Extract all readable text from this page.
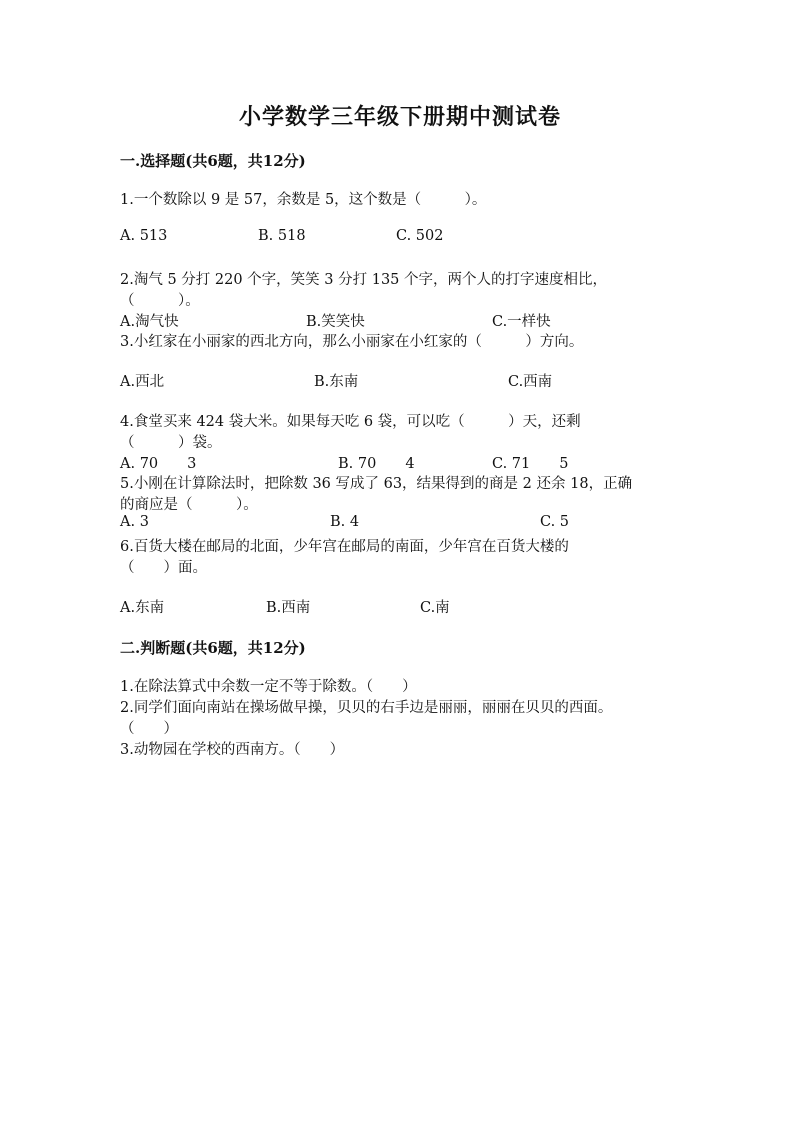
小学数学三年级下册期中测试卷
一.选择题(共6题，共12分)
1.一个数除以 9 是 57，余数是 5，这个数是（　　　）。
A. 513	B. 518	C. 502
2.淘气 5 分打 220 个字，笑笑 3 分打 135 个字，两个人的打字速度相比，
（　　　）。
A.淘气快	B.笑笑快	C.一样快
3.小红家在小丽家的西北方向，那么小丽家在小红家的（　　　）方向。
A.西北	B.东南	C.西南
4.食堂买来 424 袋大米。如果每天吃 6 袋，可以吃（　　　）天，还剩
（　　　）袋。
A. 70　　3	B. 70　　4	C. 71　　5
5.小刚在计算除法时，把除数 36 写成了 63，结果得到的商是 2 还余 18，正确
的商应是（　　　）。
A. 3	B. 4	C. 5
6.百货大楼在邮局的北面，少年宫在邮局的南面，少年宫在百货大楼的
（　　）面。
A.东南	B.西南	C.南
二.判断题(共6题，共12分)
1.在除法算式中余数一定不等于除数。（　　）
2.同学们面向南站在操场做早操，贝贝的右手边是丽丽，丽丽在贝贝的西面。
（　　）
3.动物园在学校的西南方。（　　）
